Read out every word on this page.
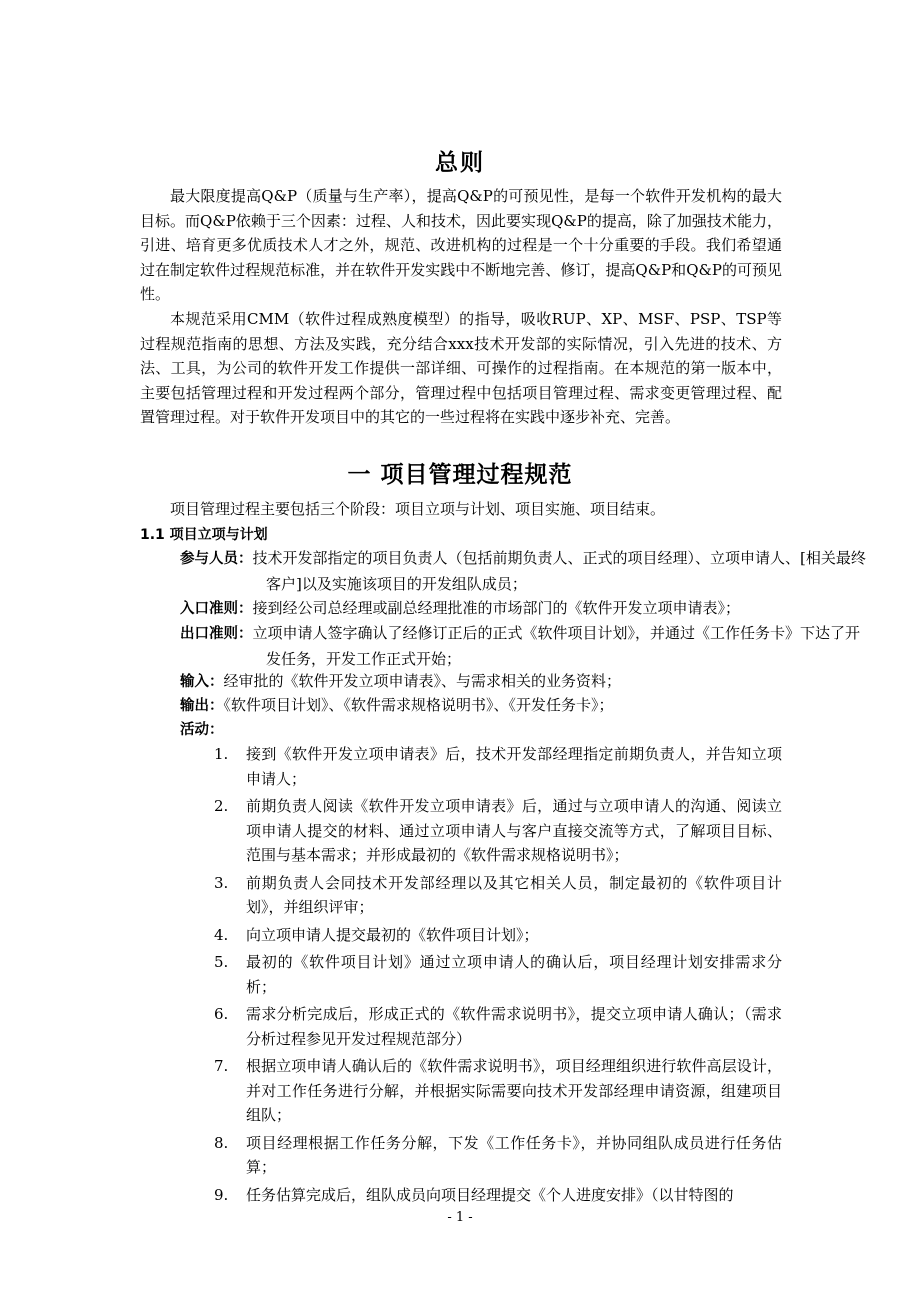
总则

最大限度提高Q&P（质量与生产率），提高Q&P的可预见性，是每一个软件开发机构的最大目标。而Q&P依赖于三个因素：过程、人和技术，因此要实现Q&P的提高，除了加强技术能力，引进、培育更多优质技术人才之外，规范、改进机构的过程是一个十分重要的手段。我们希望通过在制定软件过程规范标准，并在软件开发实践中不断地完善、修订，提高Q&P和Q&P的可预见性。

本规范采用CMM（软件过程成熟度模型）的指导，吸收RUP、XP、MSF、PSP、TSP等过程规范指南的思想、方法及实践，充分结合xxx技术开发部的实际情况，引入先进的技术、方法、工具，为公司的软件开发工作提供一部详细、可操作的过程指南。在本规范的第一版本中，主要包括管理过程和开发过程两个部分，管理过程中包括项目管理过程、需求变更管理过程、配置管理过程。对于软件开发项目中的其它的一些过程将在实践中逐步补充、完善。

一 项目管理过程规范

项目管理过程主要包括三个阶段：项目立项与计划、项目实施、项目结束。

1.1 项目立项与计划
参与人员：技术开发部指定的项目负责人（包括前期负责人、正式的项目经理）、立项申请人、[相关最终客户]以及实施该项目的开发组队成员；
入口准则：接到经公司总经理或副总经理批准的市场部门的《软件开发立项申请表》；
出口准则：立项申请人签字确认了经修订正后的正式《软件项目计划》，并通过《工作任务卡》下达了开发任务，开发工作正式开始；
输入：经审批的《软件开发立项申请表》、与需求相关的业务资料；
输出：《软件项目计划》、《软件需求规格说明书》、《开发任务卡》；
活动：
1.	接到《软件开发立项申请表》后，技术开发部经理指定前期负责人，并告知立项申请人；
2.	前期负责人阅读《软件开发立项申请表》后，通过与立项申请人的沟通、阅读立项申请人提交的材料、通过立项申请人与客户直接交流等方式，了解项目目标、范围与基本需求；并形成最初的《软件需求规格说明书》；
3.	前期负责人会同技术开发部经理以及其它相关人员，制定最初的《软件项目计划》，并组织评审；
4.	向立项申请人提交最初的《软件项目计划》；
5.	最初的《软件项目计划》通过立项申请人的确认后，项目经理计划安排需求分析；
6.	需求分析完成后，形成正式的《软件需求说明书》，提交立项申请人确认；（需求分析过程参见开发过程规范部分）
7.	根据立项申请人确认后的《软件需求说明书》，项目经理组织进行软件高层设计，并对工作任务进行分解，并根据实际需要向技术开发部经理申请资源，组建项目组队；
8.	项目经理根据工作任务分解，下发《工作任务卡》，并协同组队成员进行任务估算；
9.	任务估算完成后，组队成员向项目经理提交《个人进度安排》（以甘特图的
- 1 -
